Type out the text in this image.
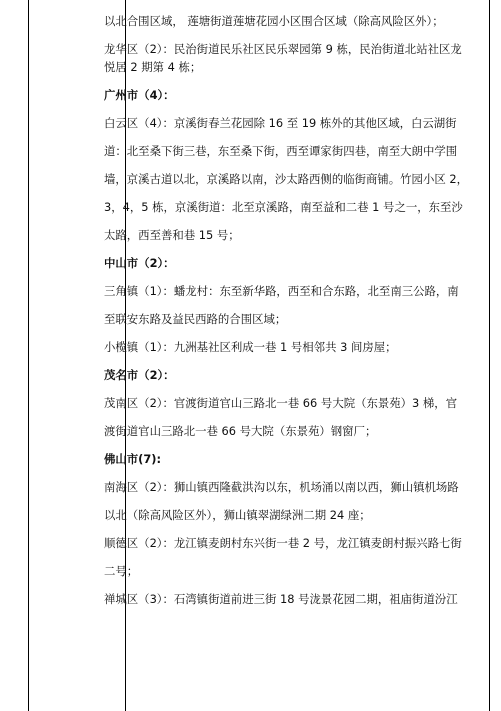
以北合围区域， 莲塘街道莲塘花园小区围合区域（除高风险区外）；
龙华区（2）：民治街道民乐社区民乐翠园第 9 栋，民治街道北站社区龙
悦居 2 期第 4 栋；
广州市（4）：
白云区（4）：京溪街春兰花园除 16 至 19 栋外的其他区域，白云湖街
道：北至桑下街三巷，东至桑下街，西至谭家街四巷，南至大朗中学围
墙，京溪古道以北，京溪路以南，沙太路西侧的临街商铺。竹园小区 2，
3，4，5 栋，京溪街道：北至京溪路，南至益和二巷 1 号之一，东至沙
太路，西至善和巷 15 号；
中山市（2）：
三角镇（1）：蟠龙村：东至新华路，西至和合东路，北至南三公路，南
至联安东路及益民西路的合围区域；
小榄镇（1）：九洲基社区利成一巷 1 号相邻共 3 间房屋；
茂名市（2）：
茂南区（2）：官渡街道官山三路北一巷 66 号大院（东景苑）3 梯，官
渡街道官山三路北一巷 66 号大院（东景苑）钢窗厂；
佛山市(7):
南海区（2）：狮山镇西隆截洪沟以东，机场涌以南以西，狮山镇机场路
以北（除高风险区外），狮山镇翠湖绿洲二期 24 座；
顺德区（2）：龙江镇麦朗村东兴街一巷 2 号，龙江镇麦朗村振兴路七街
二号；
禅城区（3）：石湾镇街道前进三街 18 号泷景花园二期，祖庙街道汾江
